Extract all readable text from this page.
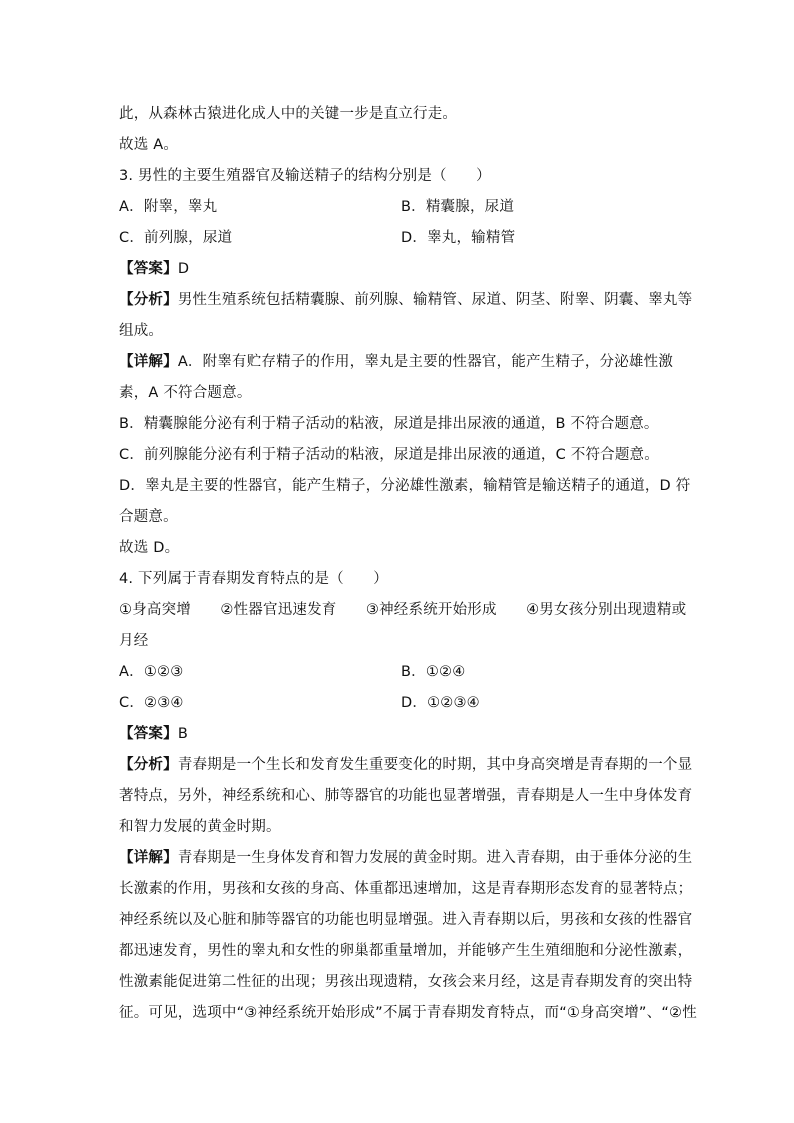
此，从森林古猿进化成人中的关键一步是直立行走。
故选 A。
3. 男性的主要生殖器官及输送精子的结构分别是（　　）
A．附睾，睾丸	B．精囊腺，尿道
C．前列腺，尿道	D．睾丸，输精管
【答案】D
【分析】男性生殖系统包括精囊腺、前列腺、输精管、尿道、阴茎、附睾、阴囊、睾丸等
组成。
【详解】A．附睾有贮存精子的作用，睾丸是主要的性器官，能产生精子，分泌雄性激
素，A 不符合题意。
B．精囊腺能分泌有利于精子活动的粘液，尿道是排出尿液的通道，B 不符合题意。
C．前列腺能分泌有利于精子活动的粘液，尿道是排出尿液的通道，C 不符合题意。
D．睾丸是主要的性器官，能产生精子，分泌雄性激素，输精管是输送精子的通道，D 符
合题意。
故选 D。
4. 下列属于青春期发育特点的是（　　）
①身高突增　　②性器官迅速发育　　③神经系统开始形成　　④男女孩分别出现遗精或
月经
A．①②③	B．①②④
C．②③④	D．①②③④
【答案】B
【分析】青春期是一个生长和发育发生重要变化的时期，其中身高突增是青春期的一个显
著特点，另外，神经系统和心、肺等器官的功能也显著增强，青春期是人一生中身体发育
和智力发展的黄金时期。
【详解】青春期是一生身体发育和智力发展的黄金时期。进入青春期，由于垂体分泌的生
长激素的作用，男孩和女孩的身高、体重都迅速增加，这是青春期形态发育的显著特点；
神经系统以及心脏和肺等器官的功能也明显增强。进入青春期以后，男孩和女孩的性器官
都迅速发育，男性的睾丸和女性的卵巢都重量增加，并能够产生生殖细胞和分泌性激素，
性激素能促进第二性征的出现；男孩出现遗精，女孩会来月经，这是青春期发育的突出特
征。可见，选项中“③神经系统开始形成”不属于青春期发育特点，而“①身高突增”、“②性
